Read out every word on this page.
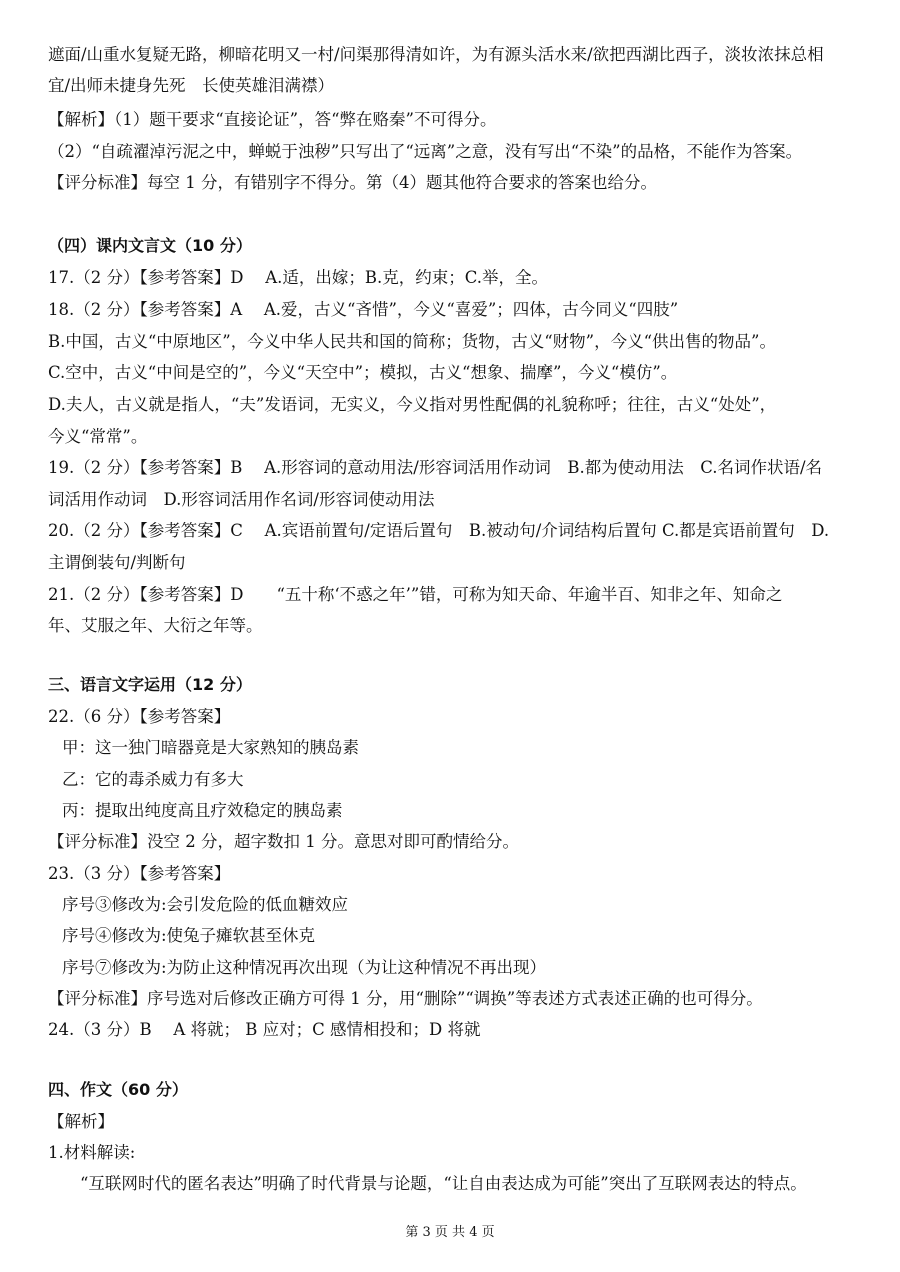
遮面/山重水复疑无路，柳暗花明又一村/问渠那得清如许，为有源头活水来/欲把西湖比西子，淡妆浓抹总相
宜/出师未捷身先死　长使英雄泪满襟）
【解析】（1）题干要求“直接论证”，答“弊在赂秦”不可得分。
（2）“自疏濯淖污泥之中，蝉蜕于浊秽”只写出了“远离”之意，没有写出“不染”的品格，不能作为答案。
【评分标准】每空 1 分，有错别字不得分。第（4）题其他符合要求的答案也给分。
（四）课内文言文（10 分）
17.（2 分）【参考答案】D　 A.适，出嫁；B.克，约束；C.举，全。
18.（2 分）【参考答案】A　 A.爱，古义“吝惜”，今义“喜爱”；四体，古今同义“四肢”
B.中国，古义“中原地区”，今义中华人民共和国的简称；货物，古义“财物”，今义“供出售的物品”。
C.空中，古义“中间是空的”，今义“天空中”；模拟，古义“想象、揣摩”，今义“模仿”。
D.夫人，古义就是指人，“夫”发语词，无实义，今义指对男性配偶的礼貌称呼；往往，古义“处处”，
今义“常常”。
19.（2 分）【参考答案】B　 A.形容词的意动用法/形容词活用作动词　B.都为使动用法　C.名词作状语/名
词活用作动词　D.形容词活用作名词/形容词使动用法
20.（2 分）【参考答案】C　 A.宾语前置句/定语后置句　B.被动句/介词结构后置句 C.都是宾语前置句　D.
主谓倒装句/判断句
21.（2 分）【参考答案】D　　“五十称‘不惑之年’”错，可称为知天命、年逾半百、知非之年、知命之
年、艾服之年、大衍之年等。
三、语言文字运用（12 分）
22.（6 分）【参考答案】
甲：这一独门暗器竟是大家熟知的胰岛素
乙：它的毒杀威力有多大
丙：提取出纯度高且疗效稳定的胰岛素
【评分标准】没空 2 分，超字数扣 1 分。意思对即可酌情给分。
23.（3 分）【参考答案】
序号③修改为:会引发危险的低血糖效应
序号④修改为:使兔子瘫软甚至休克
序号⑦修改为:为防止这种情况再次出现（为让这种情况不再出现）
【评分标准】序号选对后修改正确方可得 1 分，用“删除”“调换”等表述方式表述正确的也可得分。
24.（3 分）B　 A 将就； B 应对；C 感情相投和；D 将就
四、作文（60 分）
【解析】
1.材料解读:
“互联网时代的匿名表达”明确了时代背景与论题，“让自由表达成为可能”突出了互联网表达的特点。
第 3 页 共 4 页
